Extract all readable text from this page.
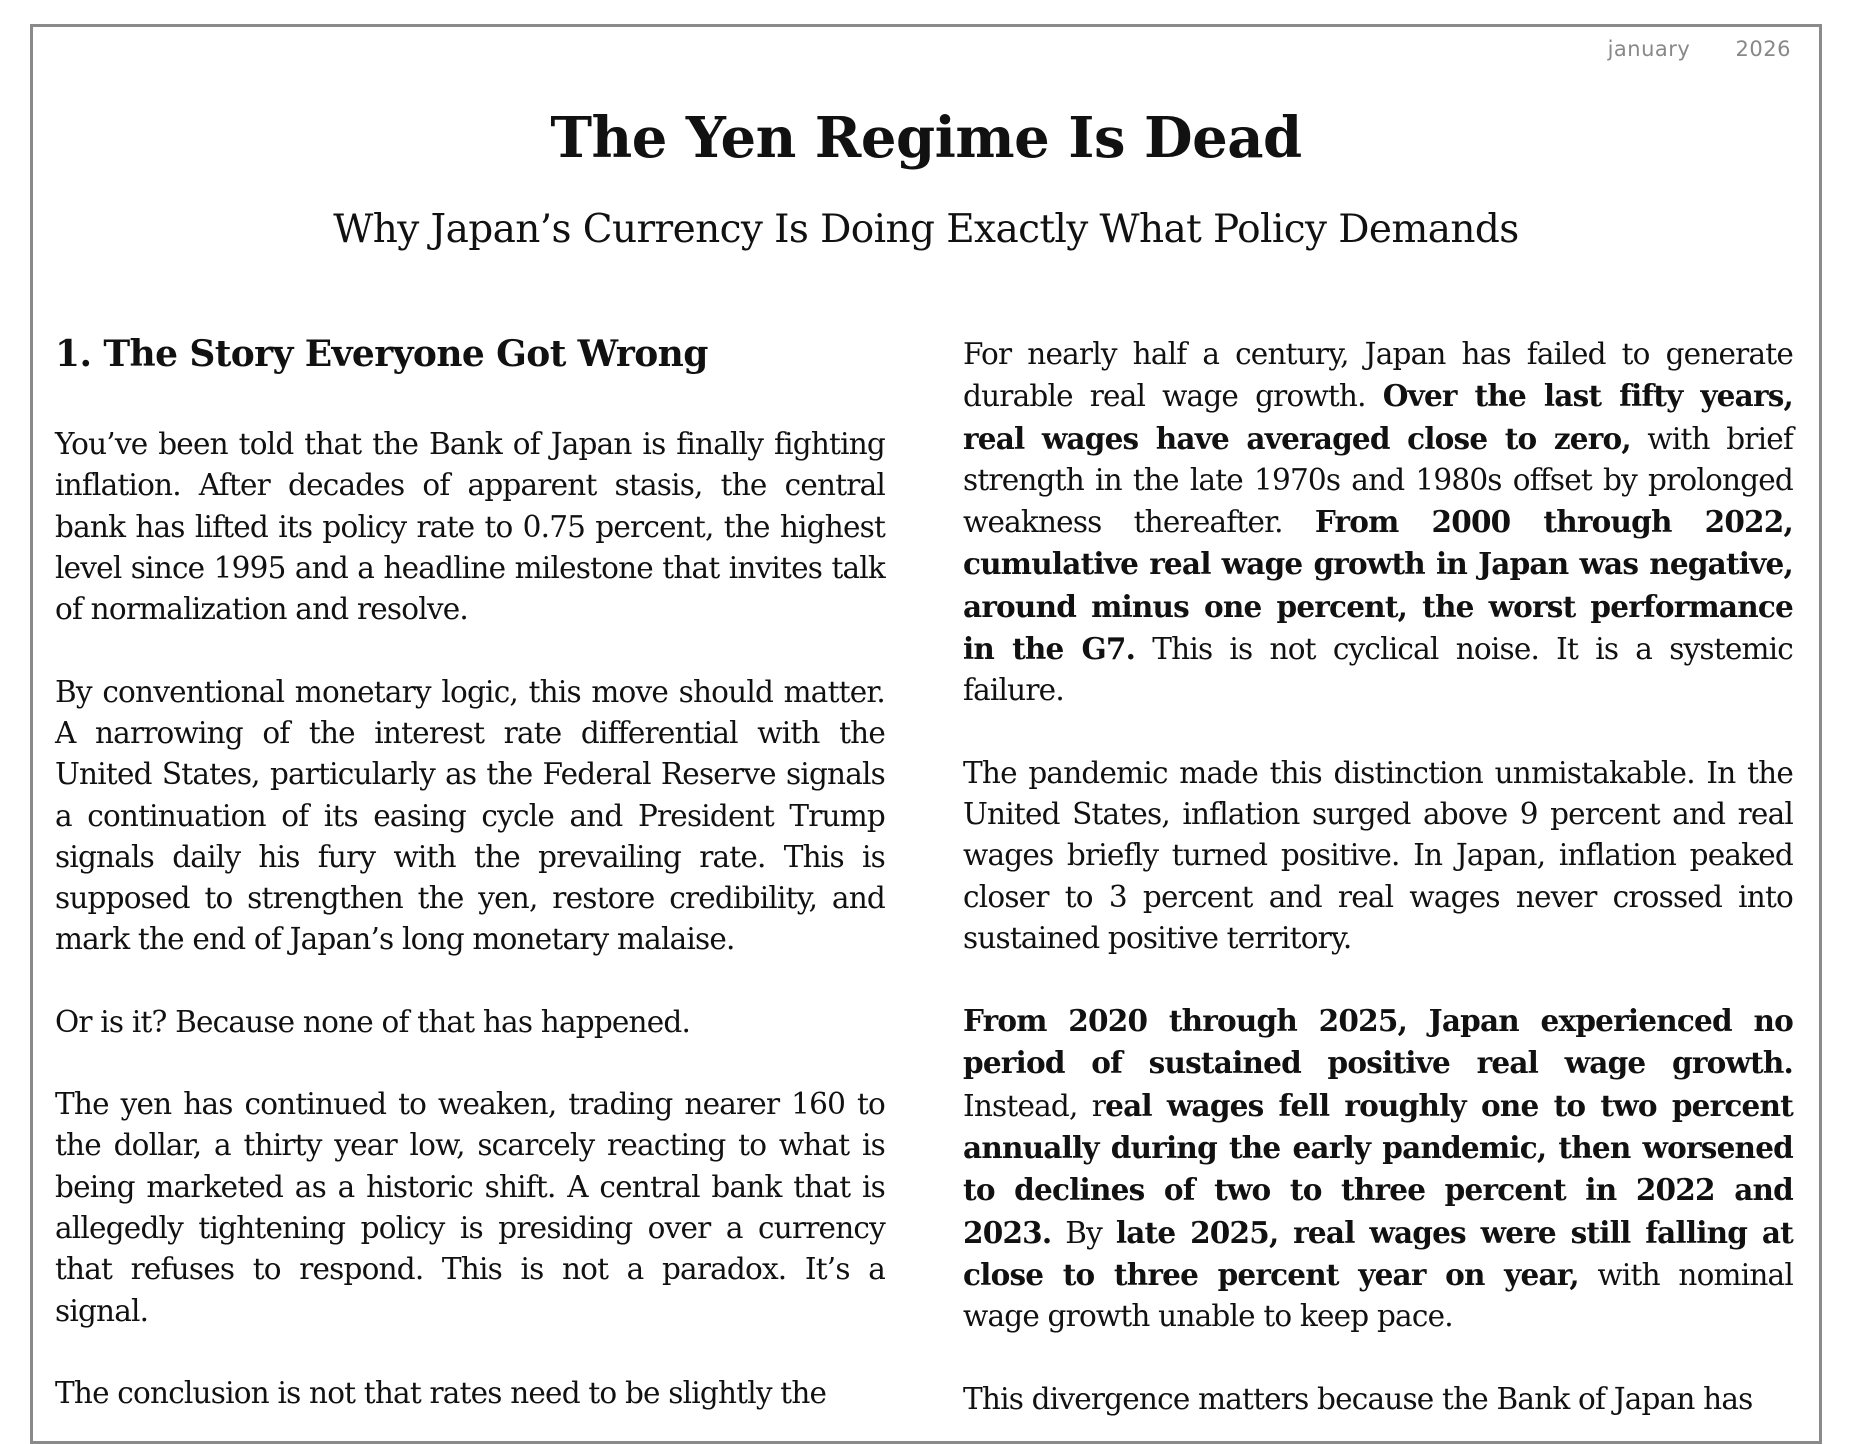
january 2026
The Yen Regime Is Dead
Why Japan’s Currency Is Doing Exactly What Policy Demands
1. The Story Everyone Got Wrong

You’ve been told that the Bank of Japan is finally fighting inflation. After decades of apparent stasis, the central bank has lifted its policy rate to 0.75 percent, the highest level since 1995 and a headline milestone that invites talk of normalization and resolve.

By conventional monetary logic, this move should matter. A narrowing of the interest rate differential with the United States, particularly as the Federal Reserve signals a continuation of its easing cycle and President Trump signals daily his fury with the prevailing rate. This is supposed to strengthen the yen, restore credibility, and mark the end of Japan’s long monetary malaise.

Or is it? Because none of that has happened.

The yen has continued to weaken, trading nearer 160 to the dollar, a thirty year low, scarcely reacting to what is being marketed as a historic shift. A central bank that is allegedly tightening policy is presiding over a currency that refuses to respond. This is not a paradox. It’s a signal.

The conclusion is not that rates need to be slightly the

For nearly half a century, Japan has failed to generate durable real wage growth. Over the last fifty years, real wages have averaged close to zero, with brief strength in the late 1970s and 1980s offset by prolonged weakness thereafter. From 2000 through 2022, cumulative real wage growth in Japan was negative, around minus one percent, the worst performance in the G7. This is not cyclical noise. It is a systemic failure.

The pandemic made this distinction unmistakable. In the United States, inflation surged above 9 percent and real wages briefly turned positive. In Japan, inflation peaked closer to 3 percent and real wages never crossed into sustained positive territory.

From 2020 through 2025, Japan experienced no period of sustained positive real wage growth. Instead, real wages fell roughly one to two percent annually during the early pandemic, then worsened to declines of two to three percent in 2022 and 2023. By late 2025, real wages were still falling at close to three percent year on year, with nominal wage growth unable to keep pace.

This divergence matters because the Bank of Japan has
